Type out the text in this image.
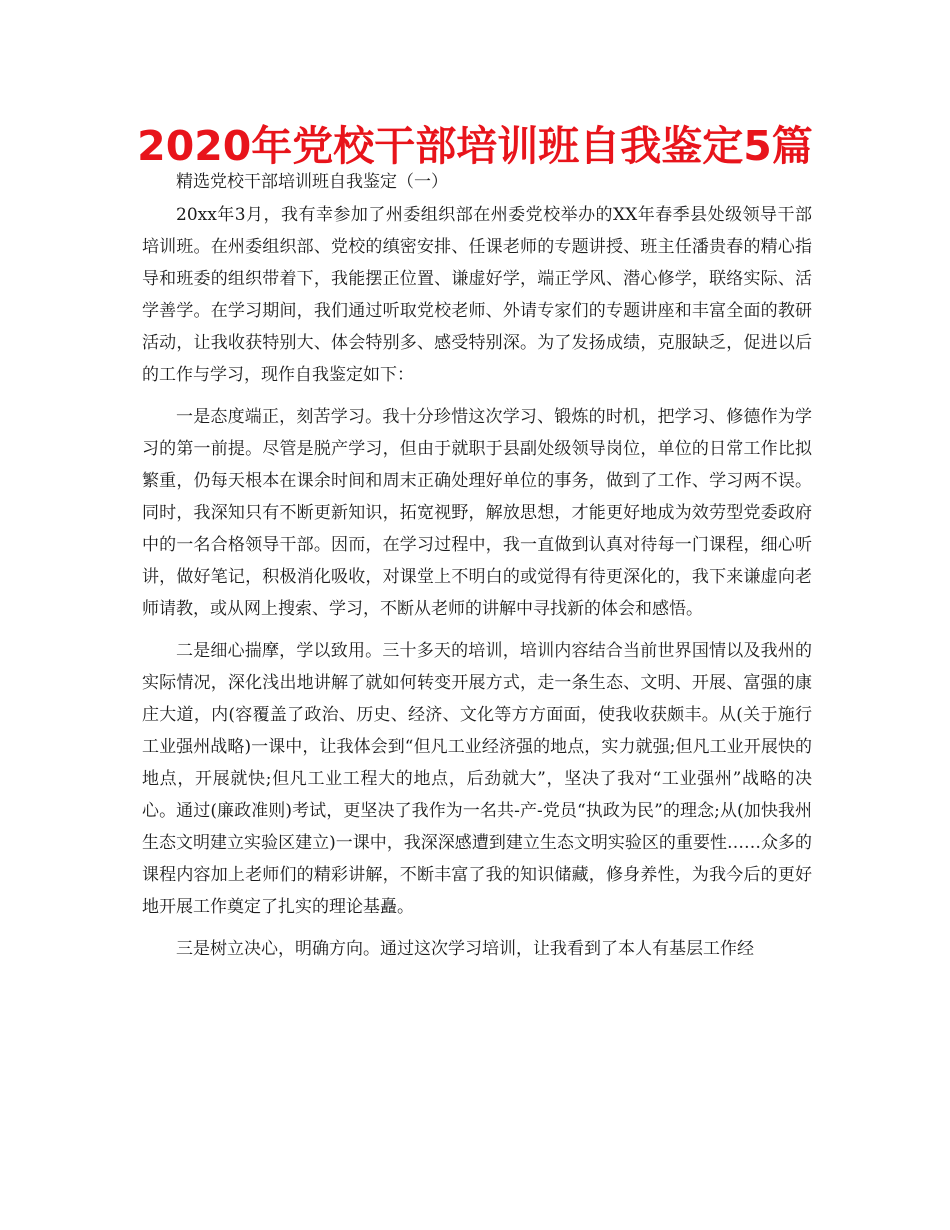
2020年党校干部培训班自我鉴定5篇

精选党校干部培训班自我鉴定（一）

20xx年3月，我有幸参加了州委组织部在州委党校举办的XX年春季县处级领导干部培训班。在州委组织部、党校的缜密安排、任课老师的专题讲授、班主任潘贵春的精心指导和班委的组织带着下，我能摆正位置、谦虚好学，端正学风、潜心修学，联络实际、活学善学。在学习期间，我们通过听取党校老师、外请专家们的专题讲座和丰富全面的教研活动，让我收获特别大、体会特别多、感受特别深。为了发扬成绩，克服缺乏，促进以后的工作与学习，现作自我鉴定如下：

一是态度端正，刻苦学习。我十分珍惜这次学习、锻炼的时机，把学习、修德作为学习的第一前提。尽管是脱产学习，但由于就职于县副处级领导岗位，单位的日常工作比拟繁重，仍每天根本在课余时间和周末正确处理好单位的事务，做到了工作、学习两不误。同时，我深知只有不断更新知识，拓宽视野，解放思想，才能更好地成为效劳型党委政府中的一名合格领导干部。因而，在学习过程中，我一直做到认真对待每一门课程，细心听讲，做好笔记，积极消化吸收，对课堂上不明白的或觉得有待更深化的，我下来谦虚向老师请教，或从网上搜索、学习，不断从老师的讲解中寻找新的体会和感悟。

二是细心揣摩，学以致用。三十多天的培训，培训内容结合当前世界国情以及我州的实际情况，深化浅出地讲解了就如何转变开展方式，走一条生态、文明、开展、富强的康庄大道，内(容覆盖了政治、历史、经济、文化等方方面面，使我收获颇丰。从(关于施行工业强州战略)一课中，让我体会到“但凡工业经济强的地点，实力就强;但凡工业开展快的地点，开展就快;但凡工业工程大的地点，后劲就大”，坚决了我对“工业强州”战略的决心。通过(廉政准则)考试，更坚决了我作为一名共-产-党员“执政为民”的理念;从(加快我州生态文明建立实验区建立)一课中，我深深感遭到建立生态文明实验区的重要性……众多的课程内容加上老师们的精彩讲解，不断丰富了我的知识储藏，修身养性，为我今后的更好地开展工作奠定了扎实的理论基矗。

三是树立决心，明确方向。通过这次学习培训，让我看到了本人有基层工作经
